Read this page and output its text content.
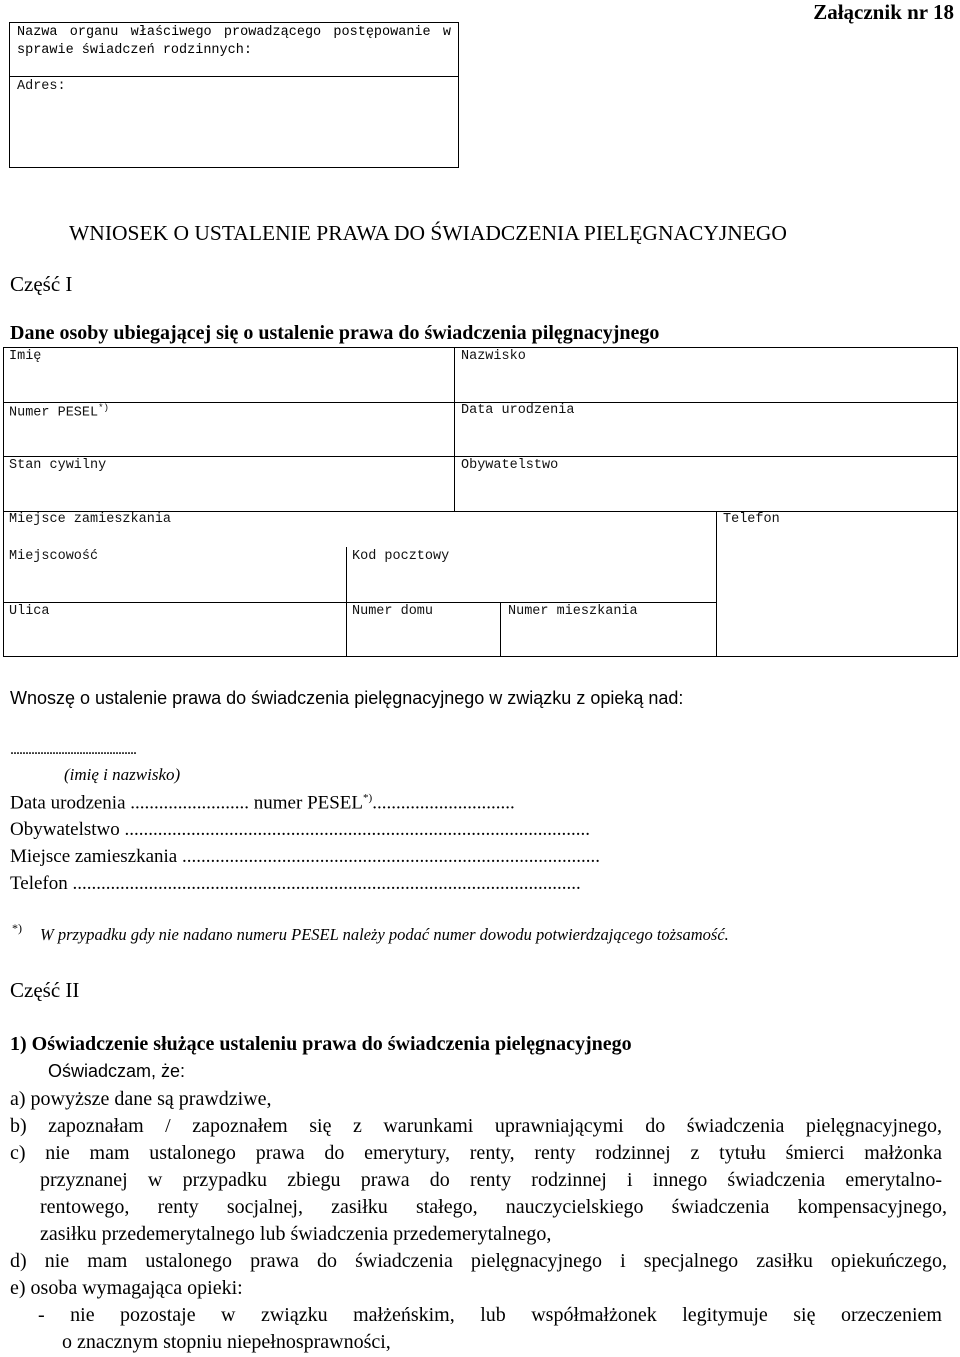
Nazwa organu właściwego prowadzącego postępowanie w sprawie świadczeń rodzinnych:
Adres:
Załącznik nr 18
WNIOSEK O USTALENIE PRAWA DO ŚWIADCZENIA PIELĘGNACYJNEGO
Część I
Dane osoby ubiegającej się o ustalenie prawa do świadczenia pilęgnacyjnego
Imię	Nazwisko
Numer PESEL*)	Data urodzenia
Stan cywilny	Obywatelstwo
Miejsce zamieszkania	Telefon
Miejscowość	Kod pocztowy
Ulica	Numer domu	Numer mieszkania
Wnoszę o ustalenie prawa do świadczenia pielęgnacyjnego w związku z opieką nad:
..........................................
(imię i nazwisko)
Data urodzenia ......................... numer PESEL*)..............................
Obywatelstwo ..................................................................................................
Miejsce zamieszkania ........................................................................................
Telefon ...........................................................................................................
*) W przypadku gdy nie nadano numeru PESEL należy podać numer dowodu potwierdzającego tożsamość.
Część II
1) Oświadczenie służące ustaleniu prawa do świadczenia pielęgnacyjnego
Oświadczam, że:
a) powyższe dane są prawdziwe,
b) zapoznałam / zapoznałem się z warunkami uprawniającymi do świadczenia pielęgnacyjnego,
c) nie mam ustalonego prawa do emerytury, renty, renty rodzinnej z tytułu śmierci małżonka
przyznanej w przypadku zbiegu prawa do renty rodzinnej i innego świadczenia emerytalno-
rentowego, renty socjalnej, zasiłku stałego, nauczycielskiego świadczenia kompensacyjnego,
zasiłku przedemerytalnego lub świadczenia przedemerytalnego,
d) nie mam ustalonego prawa do świadczenia pielęgnacyjnego i specjalnego zasiłku opiekuńczego,
e) osoba wymagająca opieki:
- nie pozostaje w związku małżeńskim, lub współmałżonek legitymuje się orzeczeniem
o znacznym stopniu niepełnosprawności,
